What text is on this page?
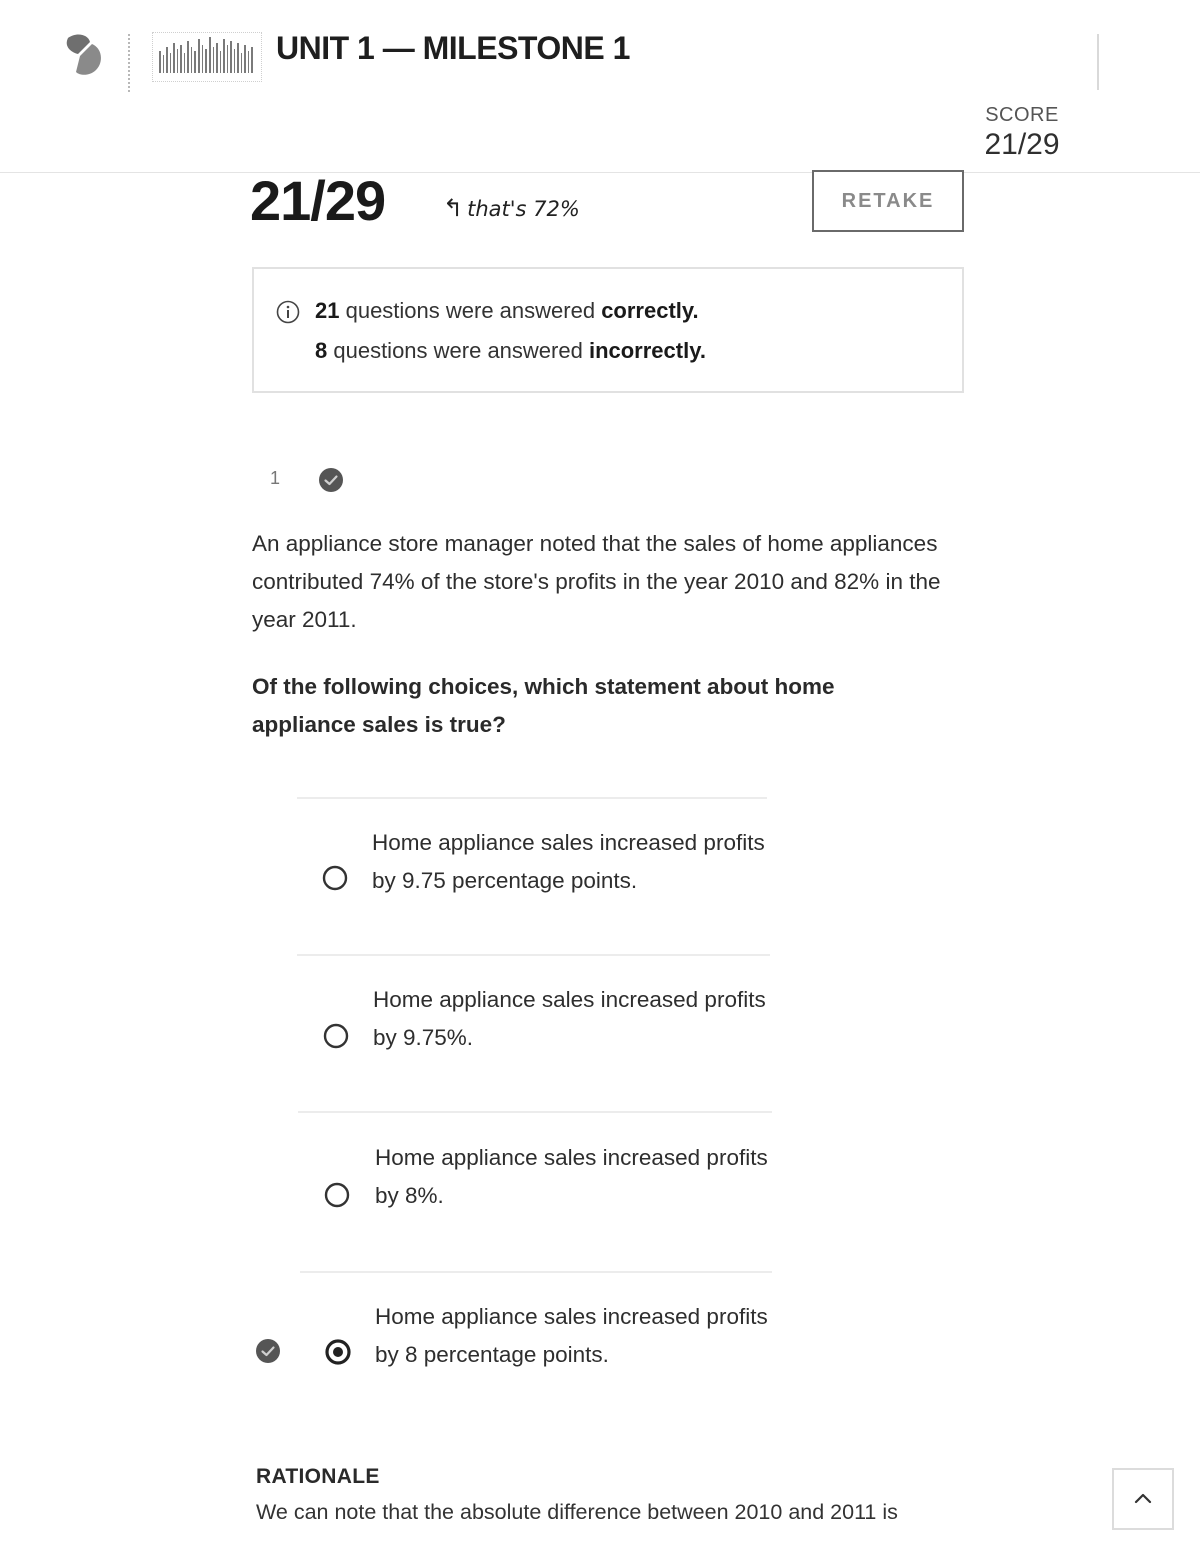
UNIT 1 — MILESTONE 1
SCORE
21/29
21/29 ↰ that's 72%	RETAKE
21 questions were answered correctly.
8 questions were answered incorrectly.
1

An appliance store manager noted that the sales of home appliances contributed 74% of the store's profits in the year 2010 and 82% in the year 2011.

Of the following choices, which statement about home appliance sales is true?

Home appliance sales increased profits by 9.75 percentage points.

Home appliance sales increased profits by 9.75%.

Home appliance sales increased profits by 8%.

Home appliance sales increased profits by 8 percentage points.

RATIONALE
We can note that the absolute difference between 2010 and 2011 is
